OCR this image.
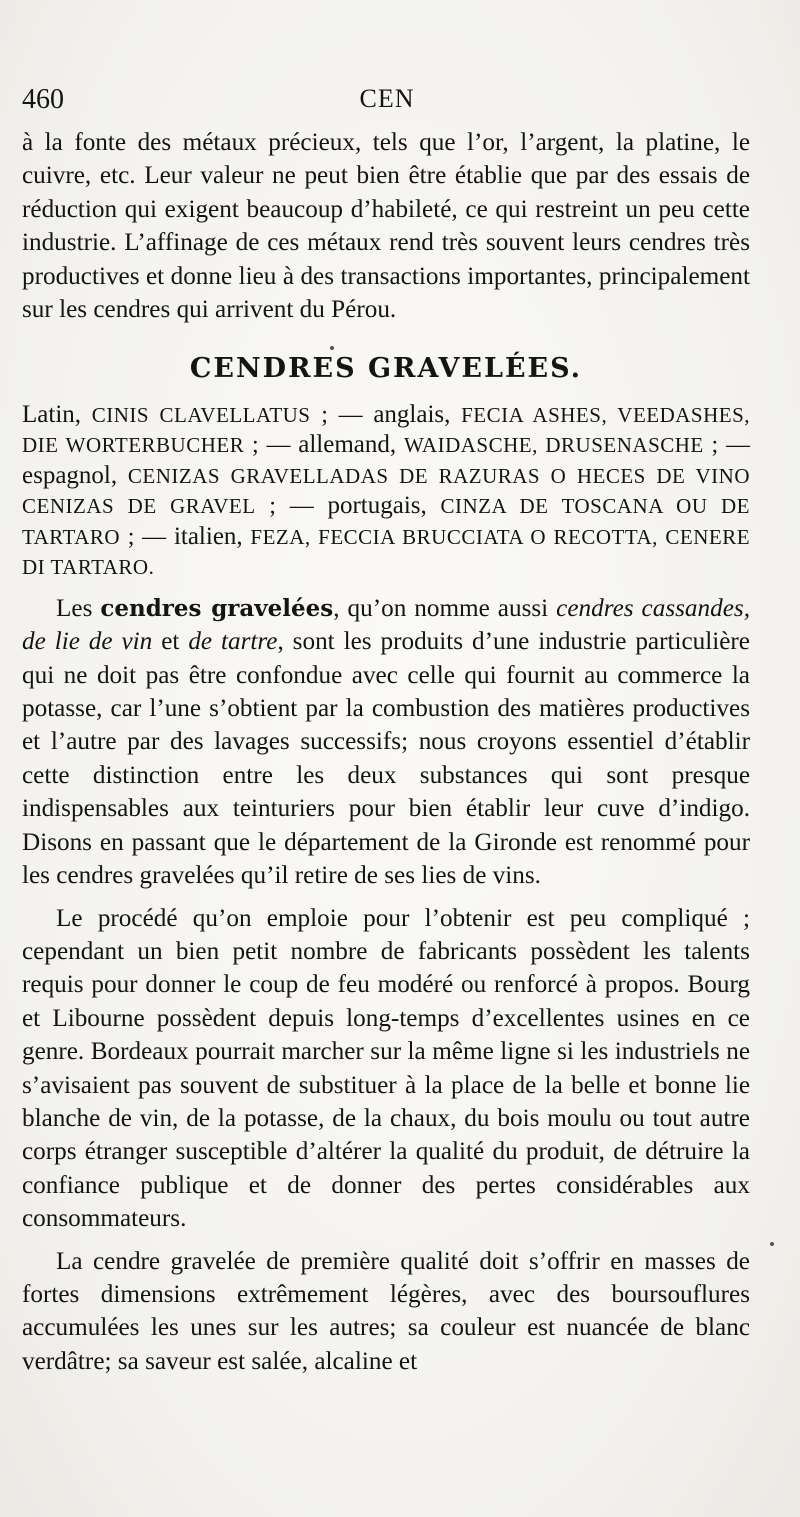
460	CEN

à la fonte des métaux précieux, tels que l’or, l’argent, la platine, le cuivre, etc. Leur valeur ne peut bien être établie que par des essais de réduction qui exigent beaucoup d’habileté, ce qui restreint un peu cette industrie. L’affinage de ces métaux rend très souvent leurs cendres très productives et donne lieu à des transactions importantes, principalement sur les cendres qui arrivent du Pérou.

CENDRES GRAVELÉES.

Latin, CINIS CLAVELLATUS ; — anglais, FECIA ASHES, VEEDASHES, DIE WORTERBUCHER ; — allemand, WAIDASCHE, DRUSENASCHE ; — espagnol, CENIZAS GRAVELLADAS DE RAZURAS O HECES DE VINO CENIZAS DE GRAVEL ; — portugais, CINZA DE TOSCANA OU DE TARTARO ; — italien, FEZA, FECCIA BRUCCIATA O RECOTTA, CENERE DI TARTARO.

Les cendres gravelées, qu’on nomme aussi cendres cassandes, de lie de vin et de tartre, sont les produits d’une industrie particulière qui ne doit pas être confondue avec celle qui fournit au commerce la potasse, car l’une s’obtient par la combustion des matières productives et l’autre par des lavages successifs; nous croyons essentiel d’établir cette distinction entre les deux substances qui sont presque indispensables aux teinturiers pour bien établir leur cuve d’indigo. Disons en passant que le département de la Gironde est renommé pour les cendres gravelées qu’il retire de ses lies de vins.

Le procédé qu’on emploie pour l’obtenir est peu compliqué ; cependant un bien petit nombre de fabricants possèdent les talents requis pour donner le coup de feu modéré ou renforcé à propos. Bourg et Libourne possèdent depuis long-temps d’excellentes usines en ce genre. Bordeaux pourrait marcher sur la même ligne si les industriels ne s’avisaient pas souvent de substituer à la place de la belle et bonne lie blanche de vin, de la potasse, de la chaux, du bois moulu ou tout autre corps étranger susceptible d’altérer la qualité du produit, de détruire la confiance publique et de donner des pertes considérables aux consommateurs.

La cendre gravelée de première qualité doit s’offrir en masses de fortes dimensions extrêmement légères, avec des boursouflures accumulées les unes sur les autres; sa couleur est nuancée de blanc verdâtre; sa saveur est salée, alcaline et
